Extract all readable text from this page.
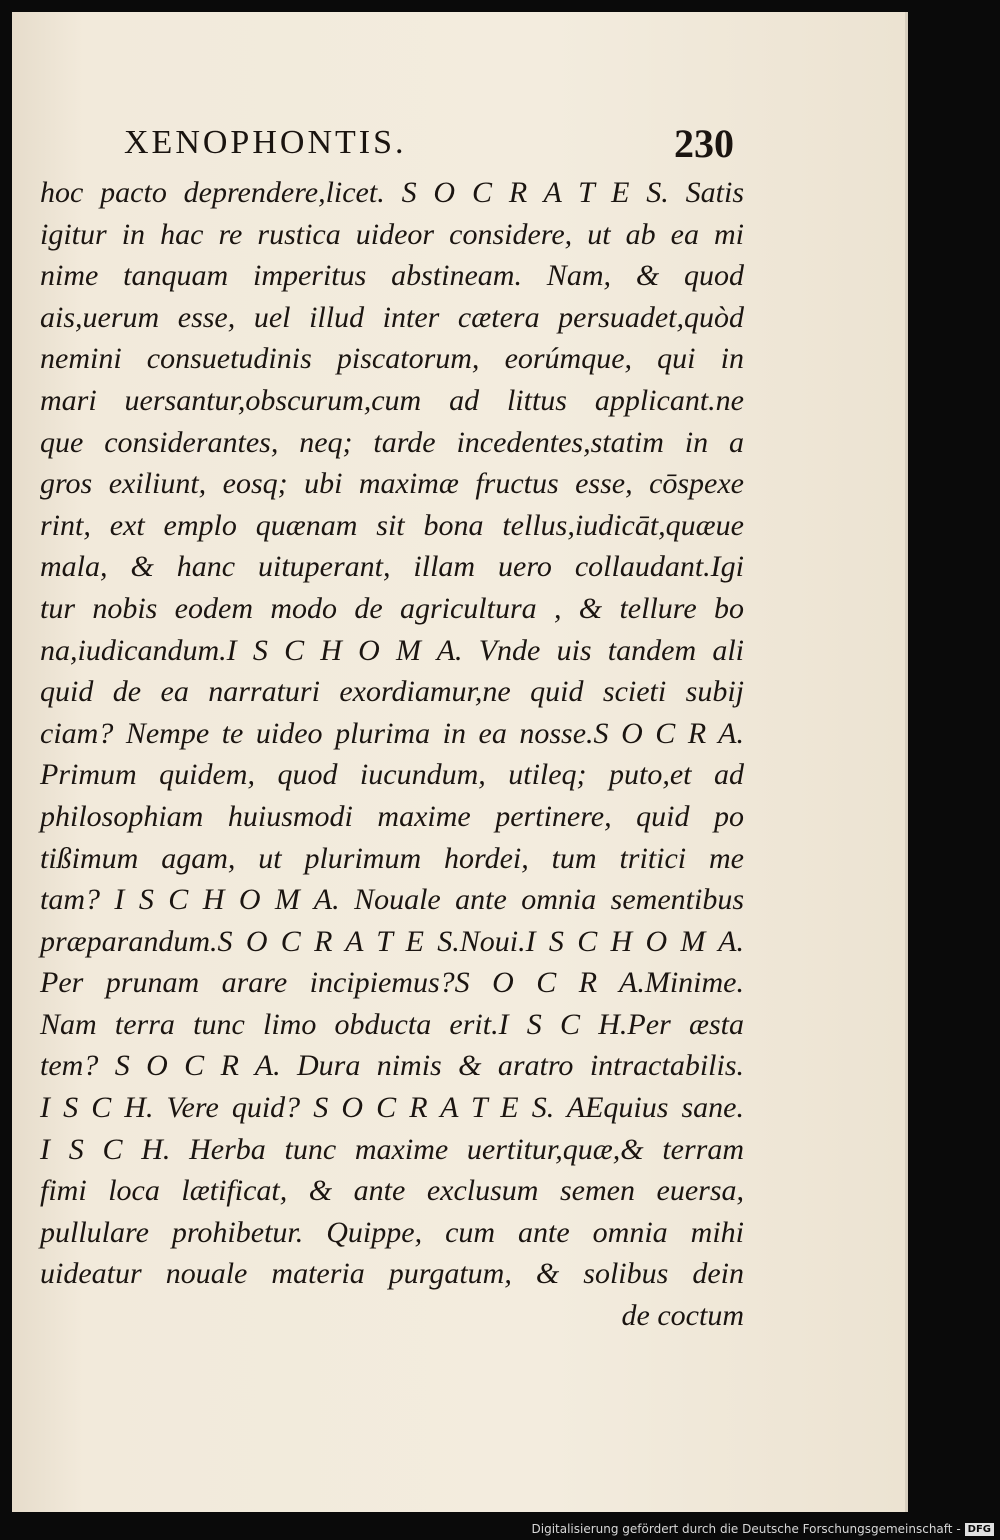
XENOPHONTIS.	230
hoc pacto deprendere,licet. S O C R A T E S. Satis
igitur in hac re rustica uideor considere, ut ab ea mi
nime tanquam imperitus abstineam. Nam, & quod
ais,uerum esse, uel illud inter cætera persuadet,quòd
nemini consuetudinis piscatorum, eorúmque, qui in
mari uersantur,obscurum,cum ad littus applicant.ne
que considerantes, neq; tarde incedentes,statim in a
gros exiliunt, eosq; ubi maximæ fructus esse, cōspexe
rint, ext emplo quænam sit bona tellus,iudicāt,quæue
mala, & hanc uituperant, illam uero collaudant.Igi
tur nobis eodem modo de agricultura , & tellure bo
na,iudicandum.I S C H O M A. Vnde uis tandem ali
quid de ea narraturi exordiamur,ne quid scieti subij
ciam? Nempe te uideo plurima in ea nosse.S O C R A.
Primum quidem, quod iucundum, utileq; puto,et ad
philosophiam huiusmodi maxime pertinere, quid po
tißimum agam, ut plurimum hordei, tum tritici me
tam? I S C H O M A. Nouale ante omnia sementibus
præparandum.S O C R A T E S.Noui.I S C H O M A.
Per prunam arare incipiemus?S O C R A.Minime.
Nam terra tunc limo obducta erit.I S C H.Per æsta
tem? S O C R A. Dura nimis & aratro intractabilis.
I S C H. Vere quid? S O C R A T E S. AEquius sane.
I S C H. Herba tunc maxime uertitur,quæ,& terram
fimi loca lætificat, & ante exclusum semen euersa,
pullulare prohibetur. Quippe, cum ante omnia mihi
uideatur nouale materia purgatum, & solibus dein
de coctum
Digitalisierung gefördert durch die Deutsche Forschungsgemeinschaft - DFG
